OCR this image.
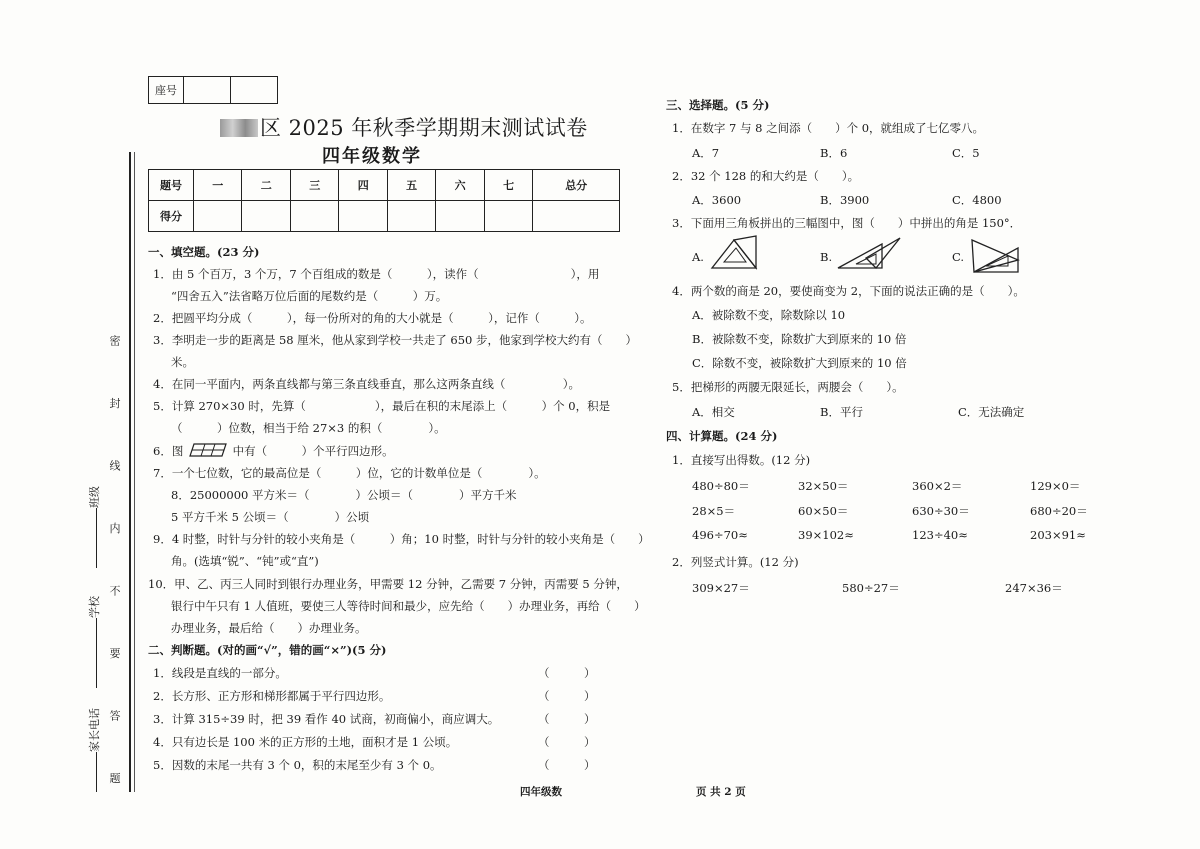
座号		
区 2025 年秋季学期期末测试试卷
四年级数学
题号	一	二	三	四	五	六	七	总分
得分								
密 封 线 内 不 要 答 题
班级
学校
家长电话
一、填空题。(23 分)
1．由 5 个百万，3 个万，7 个百组成的数是（　　　），读作（　　　　　　　　），用
“四舍五入”法省略万位后面的尾数约是（　　　）万。
2．把圆平均分成（　　　），每一份所对的角的大小就是（　　　），记作（　　　）。
3．李明走一步的距离是 58 厘米，他从家到学校一共走了 650 步，他家到学校大约有（　　）
米。
4．在同一平面内，两条直线都与第三条直线垂直，那么这两条直线（　　　　　）。
5．计算 270×30 时，先算（　　　　　　），最后在积的末尾添上（　　　）个 0，积是
（　　　）位数，相当于给 27×3 的积（　　　　）。
6．图	中有（　　　）个平行四边形。
7．一个七位数，它的最高位是（　　　）位，它的计数单位是（　　　　）。
8．25000000 平方米＝（　　　　）公顷＝（　　　　）平方千米
5 平方千米 5 公顷＝（　　　　）公顷
9．4 时整，时针与分针的较小夹角是（　　　）角；10 时整，时针与分针的较小夹角是（　　）
角。(选填“锐”、“钝”或“直”)
10．甲、乙、丙三人同时到银行办理业务，甲需要 12 分钟，乙需要 7 分钟，丙需要 5 分钟，
银行中午只有 1 人值班，要使三人等待时间和最少，应先给（　　）办理业务，再给（　　）
办理业务，最后给（　　）办理业务。
二、判断题。(对的画“√”，错的画“×”)(5 分)
1．线段是直线的一部分。	（　　　）
2．长方形、正方形和梯形都属于平行四边形。	（　　　）
3．计算 315÷39 时，把 39 看作 40 试商，初商偏小，商应调大。	（　　　）
4．只有边长是 100 米的正方形的土地，面积才是 1 公顷。	（　　　）
5．因数的末尾一共有 3 个 0，积的末尾至少有 3 个 0。	（　　　）
四年级数	页 共 2 页
三、选择题。(5 分)
1．在数字 7 与 8 之间添（　　）个 0，就组成了七亿零八。
A．7	B．6	C．5
2．32 个 128 的和大约是（　　）。
A．3600	B．3900	C．4800
3．下面用三角板拼出的三幅图中，图（　　）中拼出的角是 150°．
A.	B.	C.
4．两个数的商是 20，要使商变为 2，下面的说法正确的是（　　）。
A．被除数不变，除数除以 10
B．被除数不变，除数扩大到原来的 10 倍
C．除数不变，被除数扩大到原来的 10 倍
5．把梯形的两腰无限延长，两腰会（　　）。
A．相交	B．平行	C．无法确定
四、计算题。(24 分)
1．直接写出得数。(12 分)
480÷80＝	32×50＝	360×2＝	129×0＝
28×5＝	60×50＝	630÷30＝	680÷20＝
496÷70≈	39×102≈	123÷40≈	203×91≈
2．列竖式计算。(12 分)
309×27＝	580÷27＝	247×36＝
